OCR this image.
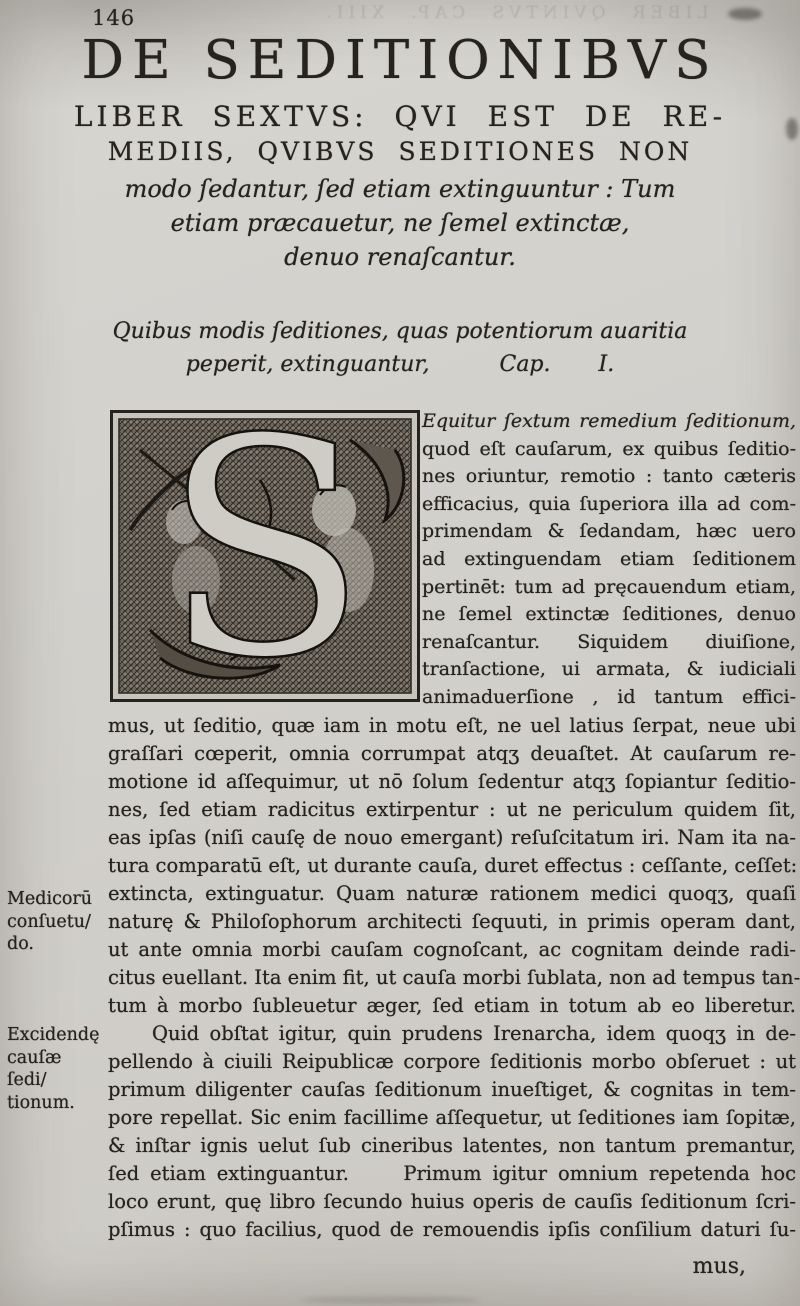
LIBER QVINTVS CAP. XIII.
146
DE SEDITIONIBVS
LIBER SEXTVS: QVI EST DE RE-
MEDIIS, QVIBVS SEDITIONES NON
modo ſedantur, ſed etiam extinguuntur : Tum
etiam præcauetur, ne ſemel extinctæ,
denuo renaſcantur.
Quibus modis ſeditiones, quas potentiorum auaritia
peperit, extinguantur,	Cap. I.
S	Equitur ſextum remedium ſeditionum,
quod eſt cauſarum, ex quibus ſeditio-
nes oriuntur, remotio : tanto cæteris
efficacius, quia ſuperiora illa ad com-
primendam & ſedandam, hæc uero
ad extinguendam etiam ſeditionem
pertinēt: tum ad pręcauendum etiam,
ne ſemel extinctæ ſeditiones, denuo
renaſcantur. Siquidem diuiſione,
tranſactione, ui armata, & iudiciali
animaduerſione , id tantum effici-
mus, ut ſeditio, quæ iam in motu eſt, ne uel latius ſerpat, neue ubi
graſſari cœperit, omnia corrumpat atqʒ deuaſtet. At cauſarum re-
motione id aſſequimur, ut nō ſolum ſedentur atqʒ ſopiantur ſeditio-
nes, ſed etiam radicitus extirpentur : ut ne periculum quidem ſit,
eas ipſas (niſi cauſę de nouo emergant) reſuſcitatum iri. Nam ita na-
tura comparatū eſt, ut durante cauſa, duret effectus : ceſſante, ceſſet:
extincta, extinguatur. Quam naturæ rationem medici quoqʒ, quaſi
naturę & Philoſophorum architecti ſequuti, in primis operam dant,
ut ante omnia morbi cauſam cognoſcant, ac cognitam deinde radi-
citus euellant. Ita enim fit, ut cauſa morbi ſublata, non ad tempus tan-
tum à morbo ſubleuetur æger, ſed etiam in totum ab eo liberetur.
Quid obſtat igitur, quin prudens Irenarcha, idem quoqʒ in de-
pellendo à ciuili Reipublicæ corpore ſeditionis morbo obſeruet : ut
primum diligenter cauſas ſeditionum inueſtiget, & cognitas in tem-
pore repellat. Sic enim facillime aſſequetur, ut ſeditiones iam ſopitæ,
& inſtar ignis uelut ſub cineribus latentes, non tantum premantur,
ſed etiam extinguantur.     Primum igitur omnium repetenda hoc
loco erunt, quę libro ſecundo huius operis de cauſis ſeditionum ſcri-
pſimus : quo facilius, quod de remouendis ipſis conſilium daturi ſu-
Medicorū
conſuetu/
do.
Excidendę
cauſæ ſedi/
tionum.
mus,
